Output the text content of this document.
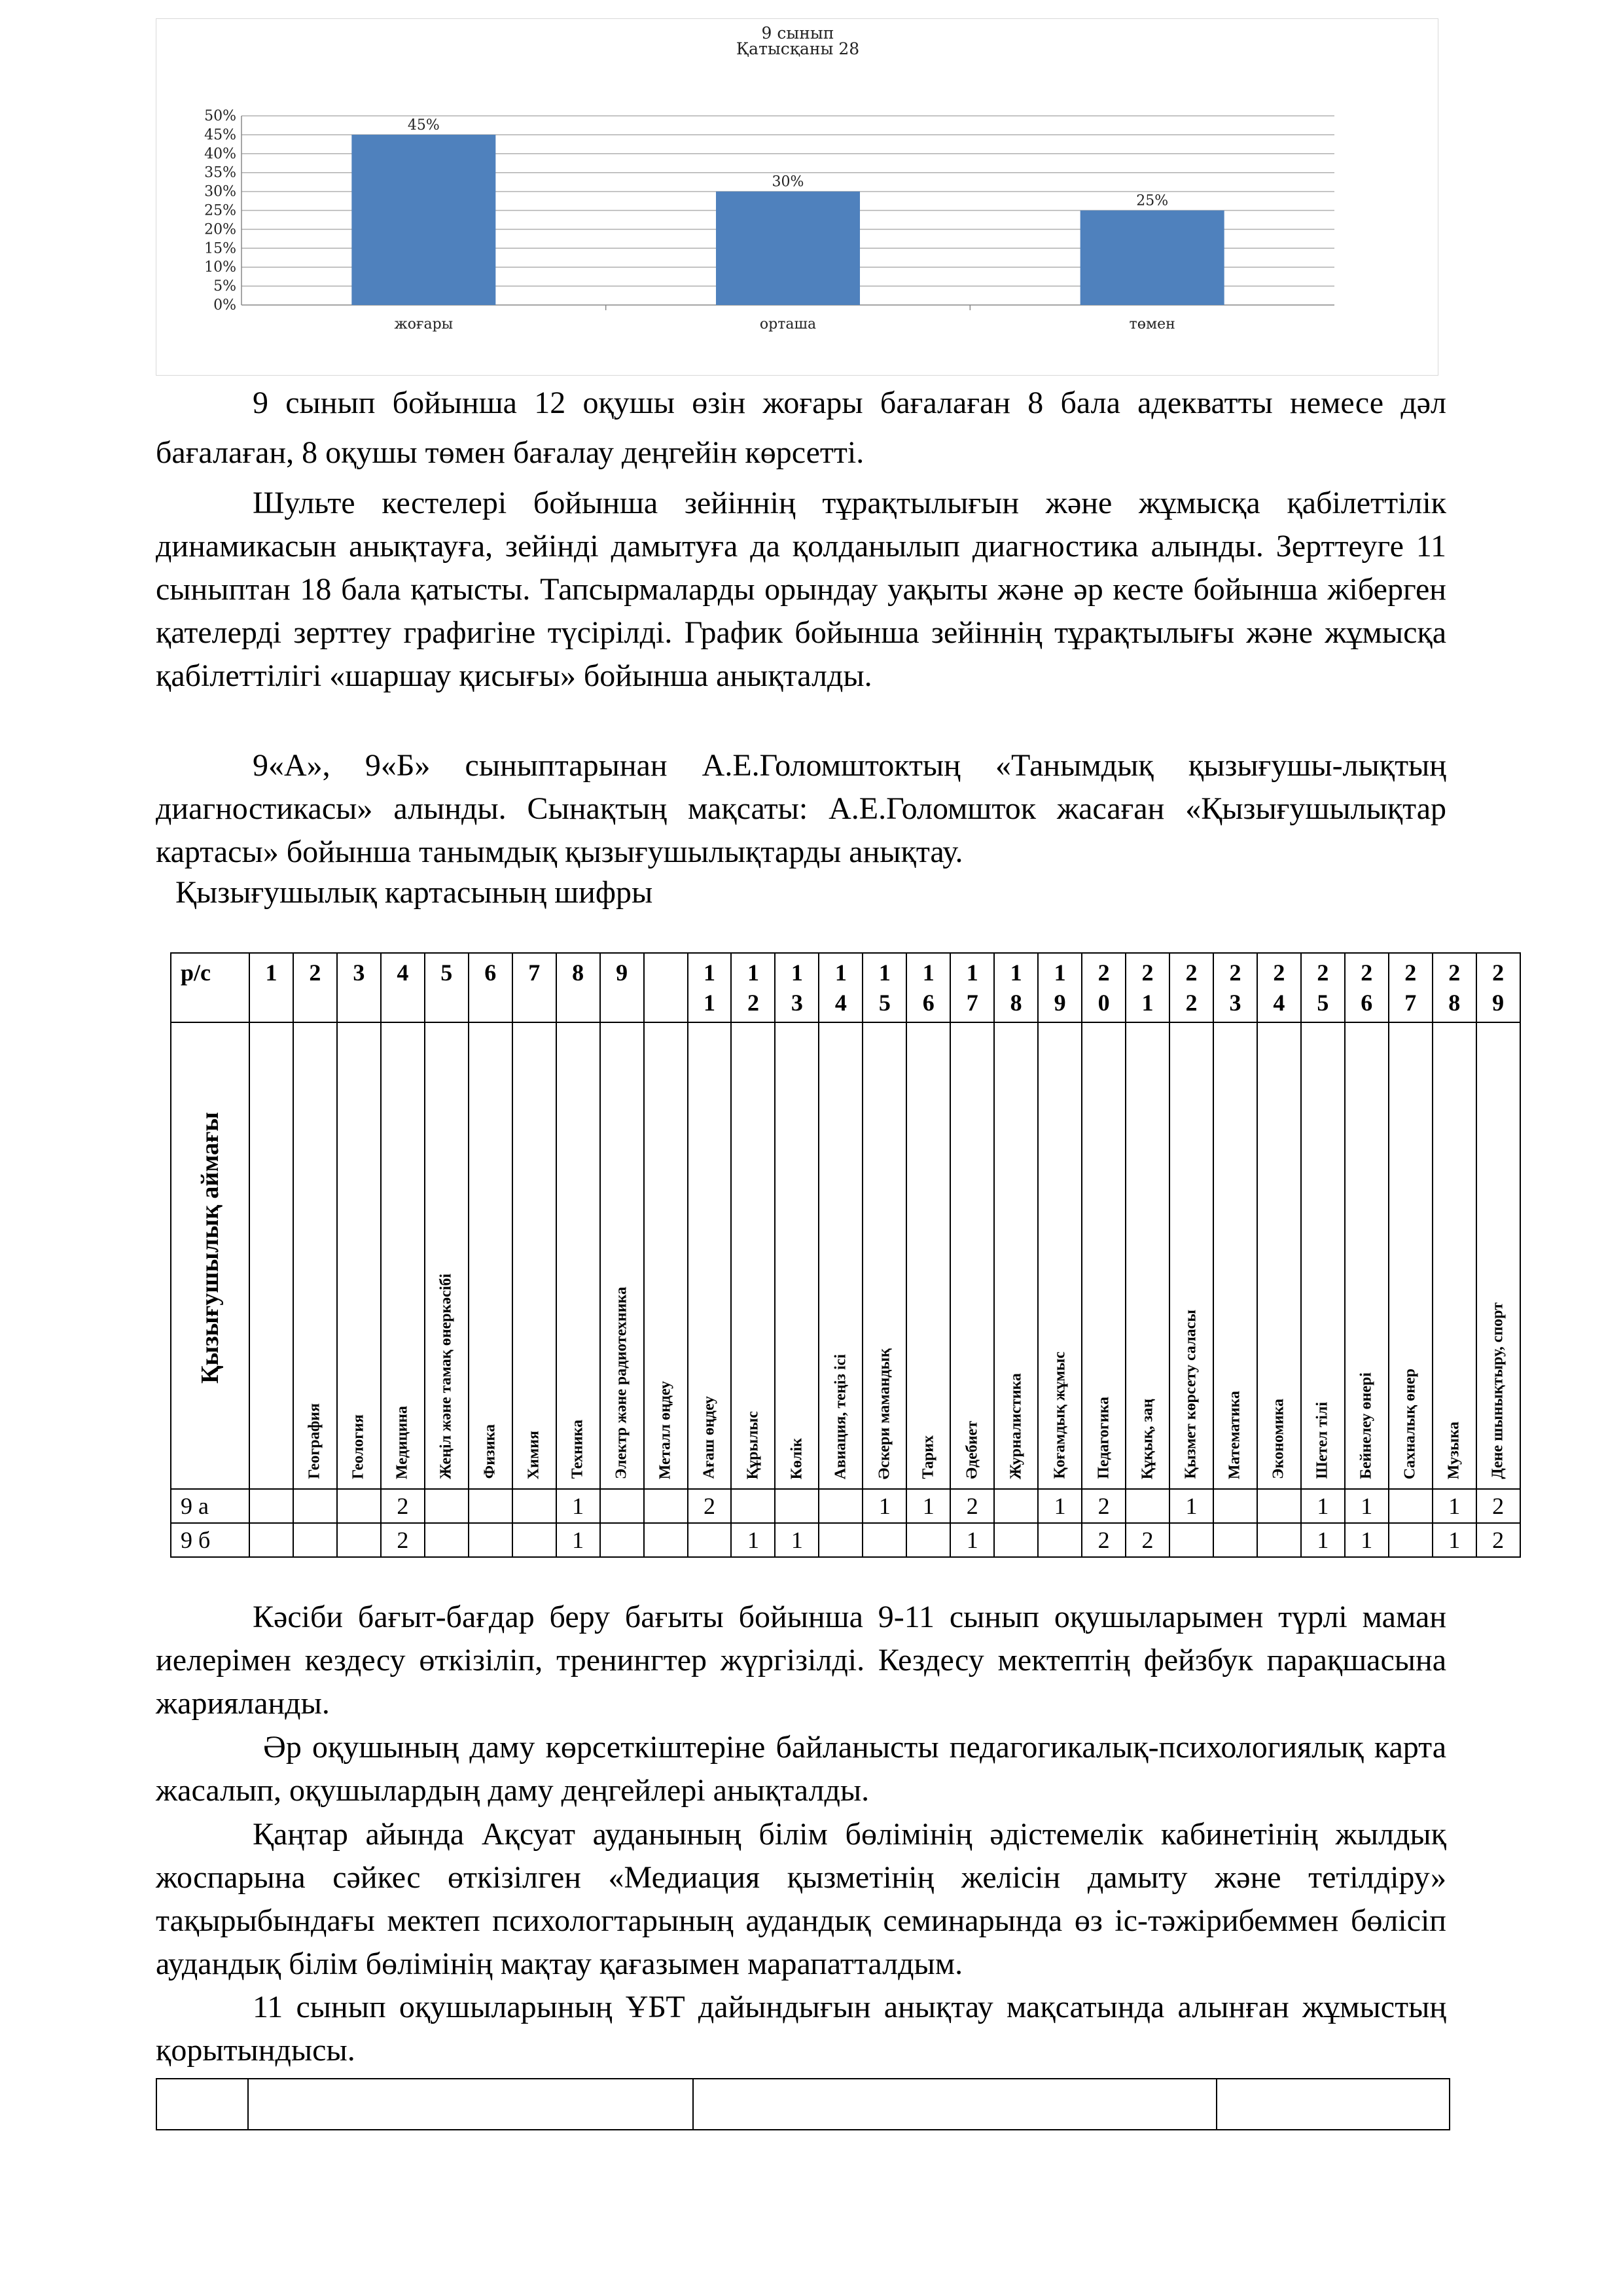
9 сынып
Қатысқаны 28
0%
5%
10%
15%
20%
25%
30%
35%
40%
45%
50%
45%
30%
25%
жоғары	орташа	төмен

9 сынып бойынша 12 оқушы өзін жоғары бағалаған 8 бала адекватты немесе дәл бағалаған, 8 оқушы төмен бағалау деңгейін көрсетті.

Шульте кестелері бойынша зейіннің тұрақтылығын және жұмысқа қабілеттілік динамикасын анықтауға, зейінді дамытуға да қолданылып диагностика алынды. Зерттеуге 11 сыныптан 18 бала қатысты. Тапсырмаларды орындау уақыты және әр кесте бойынша жіберген қателерді зерттеу графигіне түсірілді. График бойынша зейіннің тұрақтылығы және жұмысқа қабілеттілігі «шаршау қисығы» бойынша анықталды.

9«А», 9«Б» сыныптарынан А.Е.Голомштоктың «Танымдық қызығушы-лықтың диагностикасы» алынды. Сынақтың мақсаты: А.Е.Голомшток жасаған «Қызығушылықтар картасы» бойынша танымдық қызығушылықтарды анықтау.

Қызығушылық картасының шифры

р/с	1	2	3	4	5	6	7	8	9		11	12	13	14	15	16	17	18	19	20	21	22	23	24	25	26	27	28	29

Қызығушылық аймағы		География	Геология	Медицина	Жеңіл және тамақ өнеркәсібі	Физика	Химия	Техника	Электр және радиотехника	Металл өңдеу	Ағаш өңдеу	Құрылыс	Көлік	Авиация, теңіз ісі	Әскери мамандық	Тарих	Әдебиет	Журналистика	Қоғамдық жұмыс	Педагогика	Құқық, заң	Қызмет көрсету саласы	Математика	Экономика	Шетел тілі	Бейнелеу өнері	Сахналық өнер	Музыка	Дене шынықтыру, спорт

9 а				2				1			2				1	1	2		1	2		1			1	1		1	2
9 б				2				1				1	1				1			2	2				1	1		1	2

Кәсіби бағыт-бағдар беру бағыты бойынша 9-11 сынып оқушыларымен түрлі маман иелерімен кездесу өткізіліп, тренингтер жүргізілді. Кездесу мектептің фейзбук парақшасына жарияланды.

Әр оқушының даму көрсеткіштеріне байланысты педагогикалық-психологиялық карта жасалып, оқушылардың даму деңгейлері анықталды.

Қаңтар айында Ақсуат ауданының білім бөлімінің әдістемелік кабинетінің жылдық жоспарына сәйкес өткізілген «Медиация қызметінің желісін дамыту және тетілдіру» тақырыбындағы мектеп психологтарының аудандық семинарында өз іс-тәжірибеммен бөлісіп аудандық білім бөлімінің мақтау қағазымен марапатталдым.

11 сынып оқушыларының ҰБТ дайындығын анықтау мақсатында алынған жұмыстың қорытындысы.
